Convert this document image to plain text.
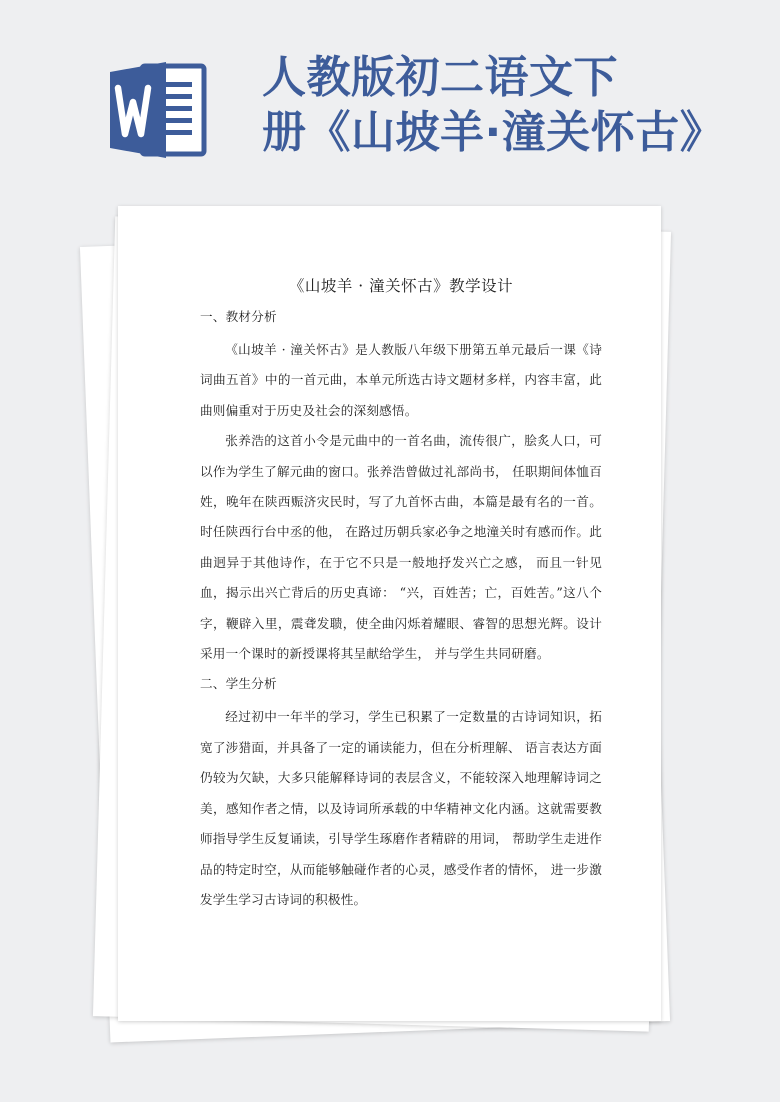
人教版初二语文下
册《山坡羊·潼关怀古》
《山坡羊 · 潼关怀古》教学设计

一、教材分析

《山坡羊 · 潼关怀古》是人教版八年级下册第五单元最后一课《诗词曲五首》中的一首元曲，本单元所选古诗文题材多样，内容丰富，此曲则偏重对于历史及社会的深刻感悟。

张养浩的这首小令是元曲中的一首名曲，流传很广，脍炙人口，可以作为学生了解元曲的窗口。张养浩曾做过礼部尚书， 任职期间体恤百姓，晚年在陕西赈济灾民时，写了九首怀古曲，本篇是最有名的一首。 时任陕西行台中丞的他， 在路过历朝兵家必争之地潼关时有感而作。此曲迥异于其他诗作，在于它不只是一般地抒发兴亡之感， 而且一针见血，揭示出兴亡背后的历史真谛： “兴，百姓苦；亡，百姓苦。”这八个字，鞭辟入里，震聋发聩，使全曲闪烁着耀眼、睿智的思想光辉。设计采用一个课时的新授课将其呈献给学生， 并与学生共同研磨。

二、学生分析

经过初中一年半的学习，学生已积累了一定数量的古诗词知识，拓宽了涉猎面，并具备了一定的诵读能力，但在分析理解、 语言表达方面仍较为欠缺，大多只能解释诗词的表层含义，不能较深入地理解诗词之美，感知作者之情，以及诗词所承载的中华精神文化内涵。这就需要教师指导学生反复诵读，引导学生琢磨作者精辟的用词， 帮助学生走进作品的特定时空，从而能够触碰作者的心灵，感受作者的情怀， 进一步激发学生学习古诗词的积极性。
